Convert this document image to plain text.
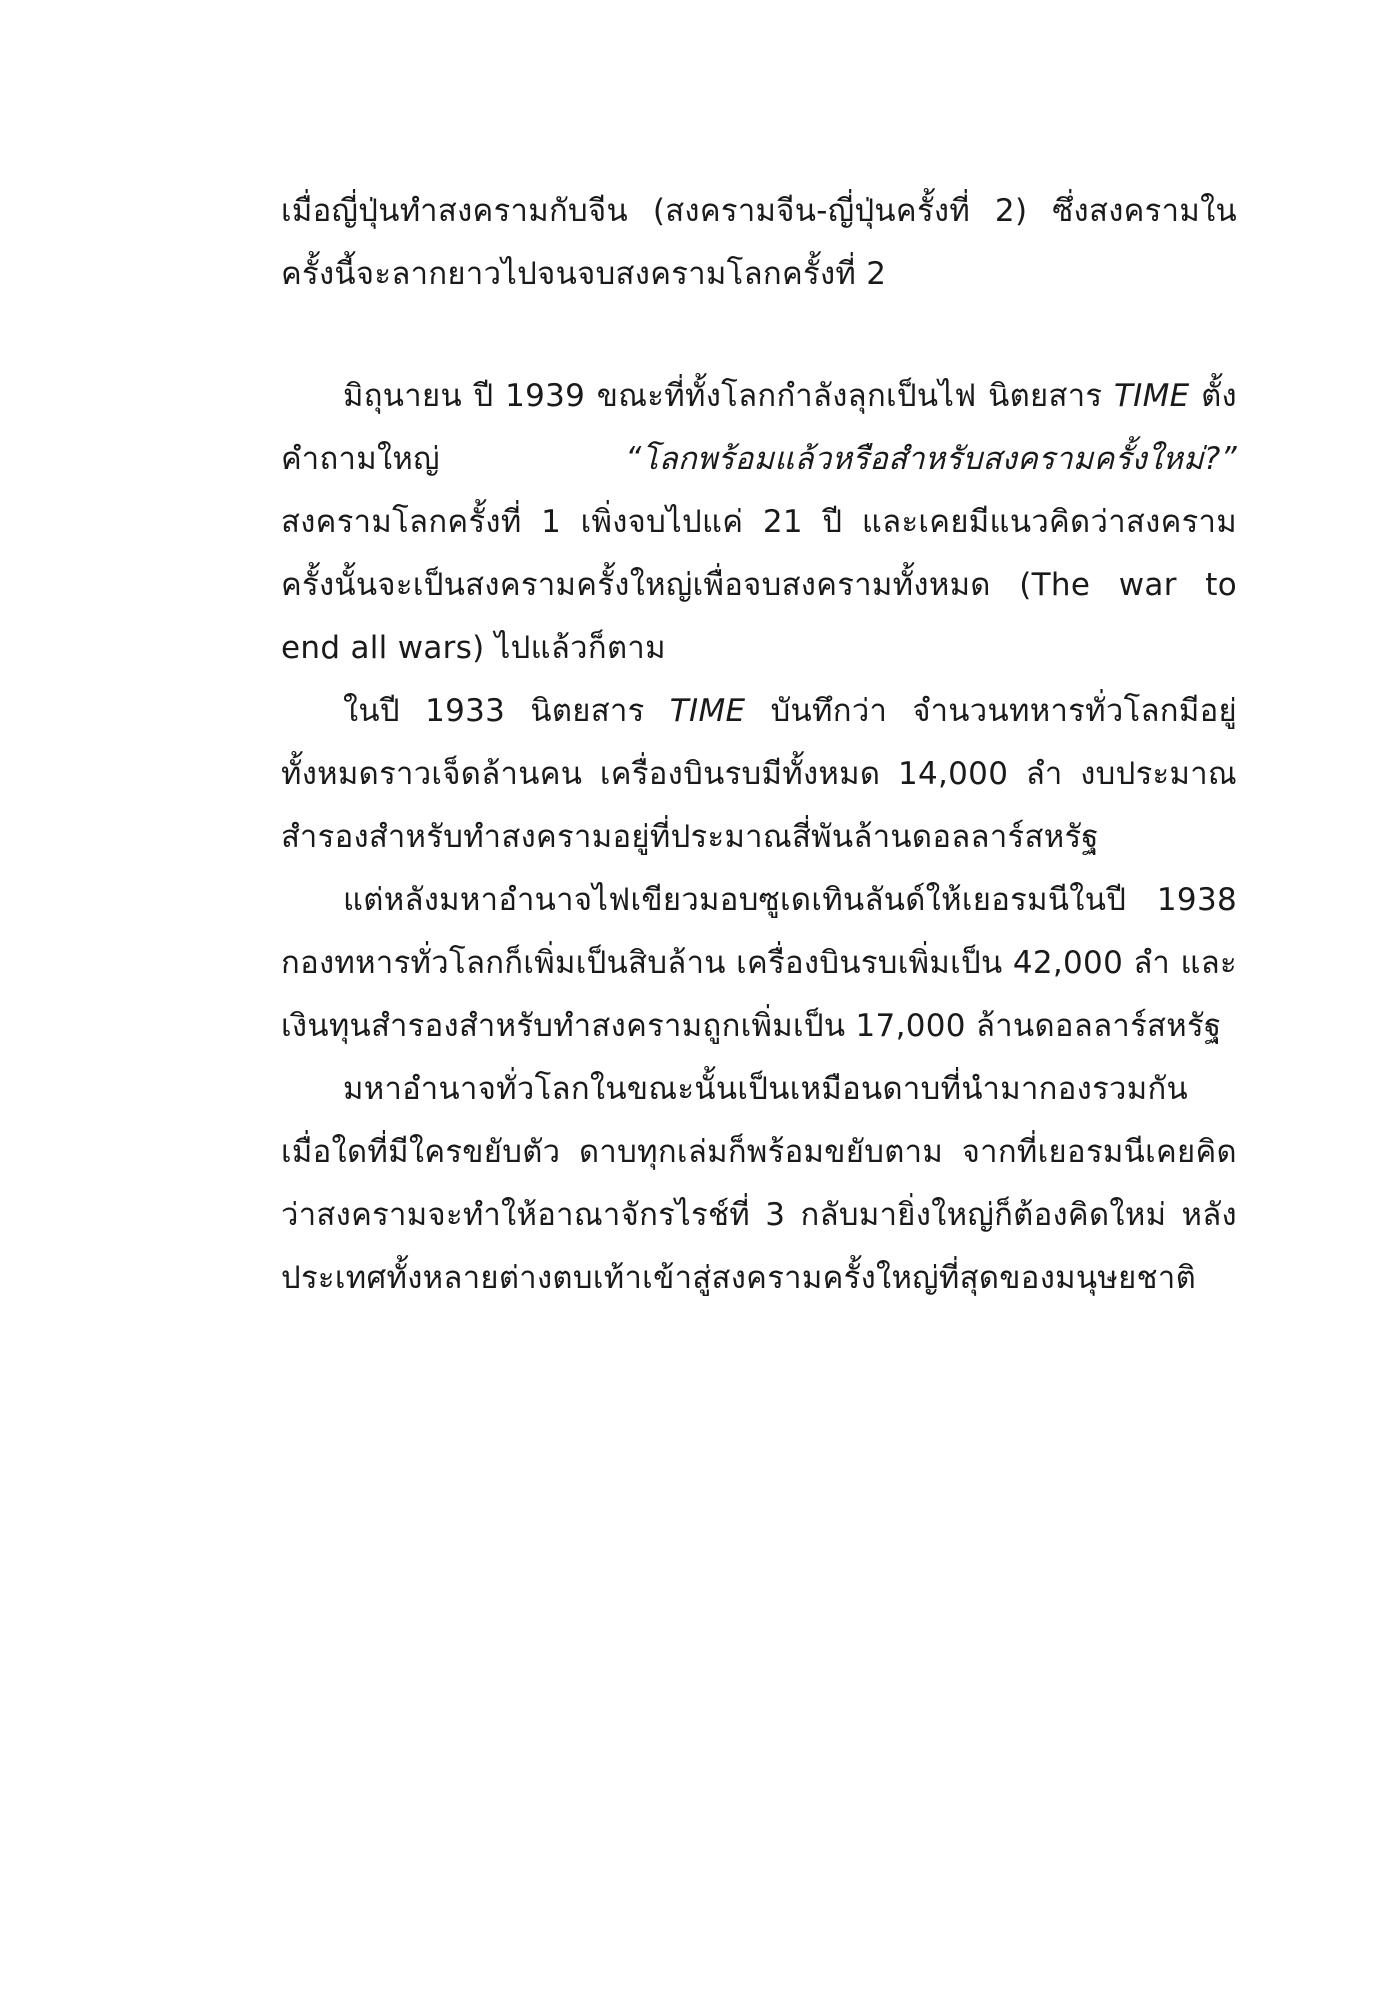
เมื่อญี่ปุ่นทำสงครามกับจีน (สงครามจีน-ญี่ปุ่นครั้งที่ 2) ซึ่งสงครามในครั้งนี้จะลากยาวไปจนจบสงครามโลกครั้งที่ 2

มิถุนายน ปี 1939 ขณะที่ทั้งโลกกำลังลุกเป็นไฟ นิตยสาร TIME ตั้งคำถามใหญ่ “โลกพร้อมแล้วหรือสำหรับสงครามครั้งใหม่?” สงครามโลกครั้งที่ 1 เพิ่งจบไปแค่ 21 ปี และเคยมีแนวคิดว่าสงครามครั้งนั้นจะเป็นสงครามครั้งใหญ่เพื่อจบสงครามทั้งหมด (The war to end all wars) ไปแล้วก็ตาม

ในปี 1933 นิตยสาร TIME บันทึกว่า จำนวนทหารทั่วโลกมีอยู่ทั้งหมดราวเจ็ดล้านคน เครื่องบินรบมีทั้งหมด 14,000 ลำ งบประมาณสำรองสำหรับทำสงครามอยู่ที่ประมาณสี่พันล้านดอลลาร์สหรัฐ

แต่หลังมหาอำนาจไฟเขียวมอบซูเดเทินลันด์ให้เยอรมนีในปี 1938 กองทหารทั่วโลกก็เพิ่มเป็นสิบล้าน เครื่องบินรบเพิ่มเป็น 42,000 ลำ และเงินทุนสำรองสำหรับทำสงครามถูกเพิ่มเป็น 17,000 ล้านดอลลาร์สหรัฐ

มหาอำนาจทั่วโลกในขณะนั้นเป็นเหมือนดาบที่นำมากองรวมกัน เมื่อใดที่มีใครขยับตัว ดาบทุกเล่มก็พร้อมขยับตาม จากที่เยอรมนีเคยคิดว่าสงครามจะทำให้อาณาจักรไรช์ที่ 3 กลับมายิ่งใหญ่ก็ต้องคิดใหม่ หลังประเทศทั้งหลายต่างตบเท้าเข้าสู่สงครามครั้งใหญ่ที่สุดของมนุษยชาติ
